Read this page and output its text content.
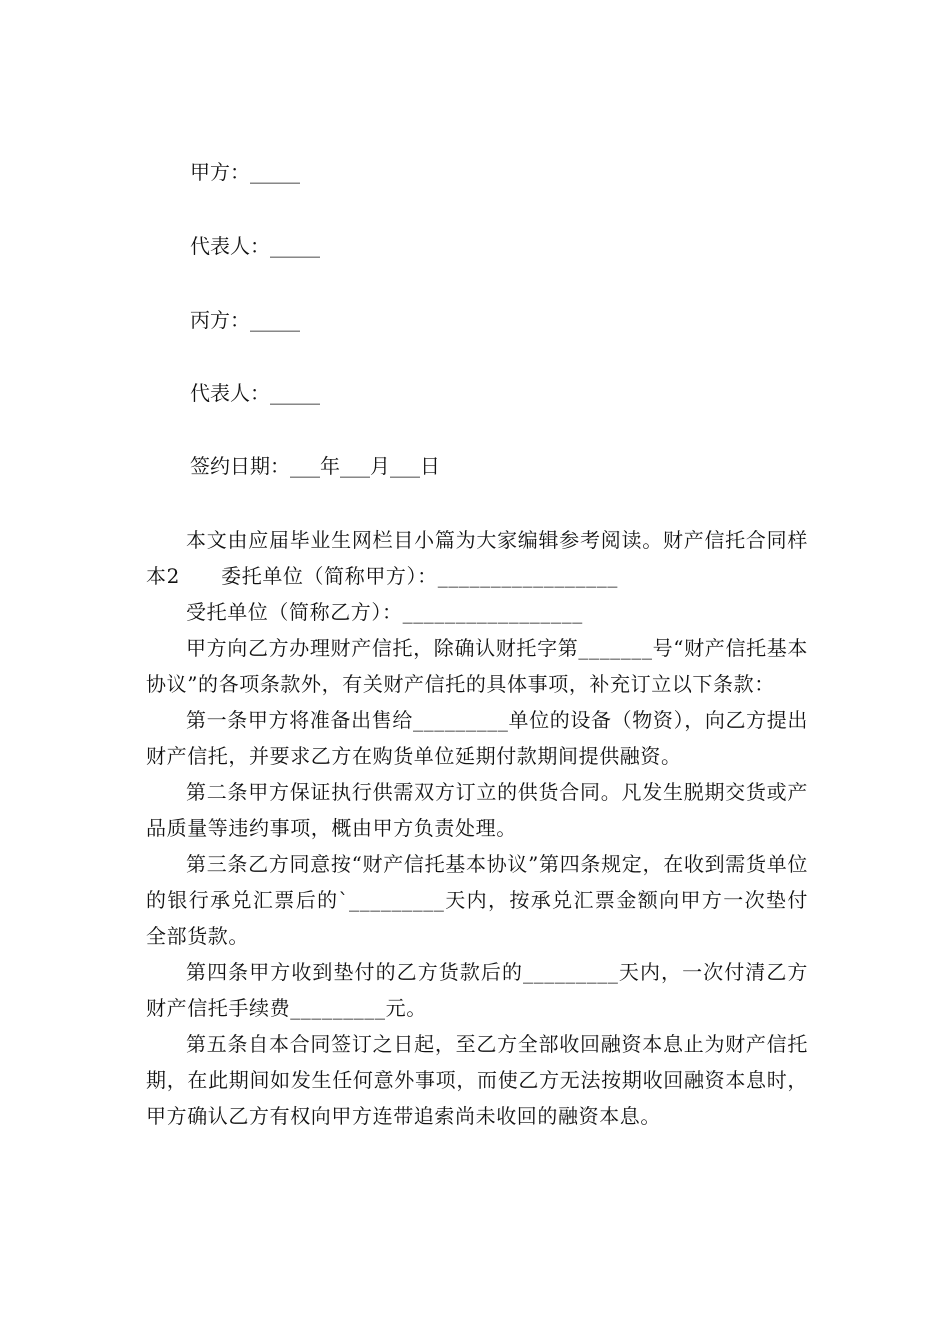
甲方：_____
代表人：_____
丙方：_____
代表人：_____
签约日期：___年___月___日

本文由应届毕业生网栏目小篇为大家编辑参考阅读。财产信托合同样本2　　委托单位（简称甲方）：_________________

受托单位（简称乙方）：_________________

甲方向乙方办理财产信托，除确认财托字第_______号“财产信托基本协议”的各项条款外，有关财产信托的具体事项，补充订立以下条款：

第一条甲方将准备出售给_________单位的设备（物资），向乙方提出财产信托，并要求乙方在购货单位延期付款期间提供融资。

第二条甲方保证执行供需双方订立的供货合同。凡发生脱期交货或产品质量等违约事项，概由甲方负责处理。

第三条乙方同意按“财产信托基本协议”第四条规定，在收到需货单位的银行承兑汇票后的`_________天内，按承兑汇票金额向甲方一次垫付全部货款。

第四条甲方收到垫付的乙方货款后的_________天内，一次付清乙方财产信托手续费_________元。

第五条自本合同签订之日起，至乙方全部收回融资本息止为财产信托期，在此期间如发生任何意外事项，而使乙方无法按期收回融资本息时，甲方确认乙方有权向甲方连带追索尚未收回的融资本息。
